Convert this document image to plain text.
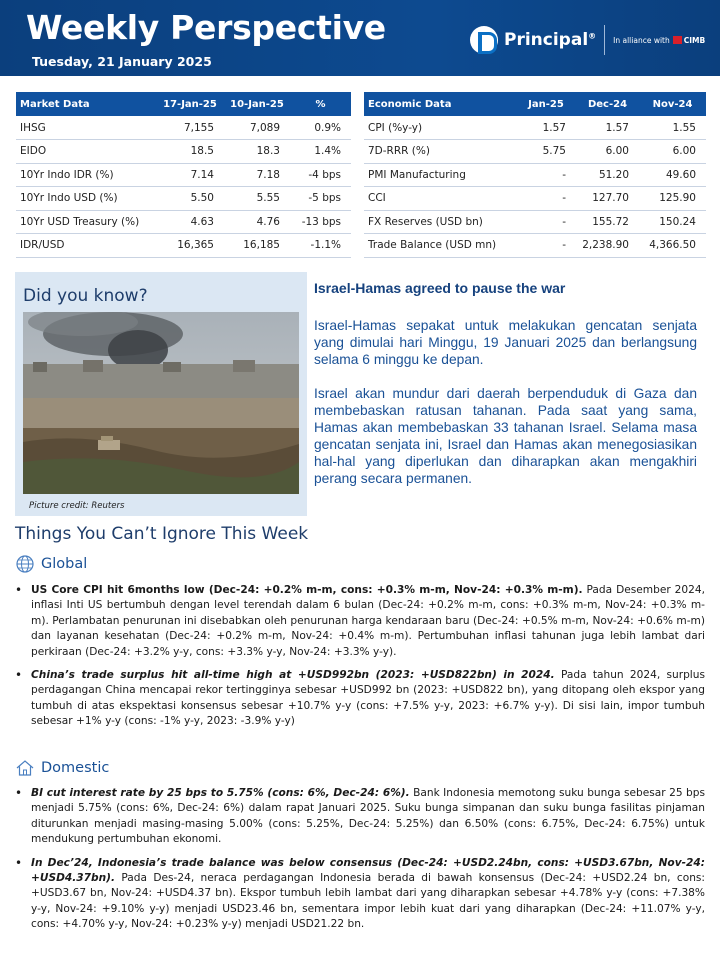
Weekly Perspective
Tuesday, 21 January 2025
Principal® In alliance with CIMB
Market Data	17-Jan-25	10-Jan-25	%
IHSG	7,155	7,089	0.9%
EIDO	18.5	18.3	1.4%
10Yr Indo IDR (%)	7.14	7.18	-4 bps
10Yr Indo USD (%)	5.50	5.55	-5 bps
10Yr USD Treasury (%)	4.63	4.76	-13 bps
IDR/USD	16,365	16,185	-1.1%
Economic Data	Jan-25	Dec-24	Nov-24
CPI (%y-y)	1.57	1.57	1.55
7D-RRR (%)	5.75	6.00	6.00
PMI Manufacturing	-	51.20	49.60
CCI	-	127.70	125.90
FX Reserves (USD bn)	-	155.72	150.24
Trade Balance (USD mn)	-	2,238.90	4,366.50
Did you know?
Picture credit: Reuters
Israel-Hamas agreed to pause the war

Israel-Hamas sepakat untuk melakukan gencatan senjata yang dimulai hari Minggu, 19 Januari 2025 dan berlangsung selama 6 minggu ke depan.

Israel akan mundur dari daerah berpenduduk di Gaza dan membebaskan ratusan tahanan. Pada saat yang sama, Hamas akan membebaskan 33 tahanan Israel. Selama masa gencatan senjata ini, Israel dan Hamas akan menegosiasikan hal-hal yang diperlukan dan diharapkan akan mengakhiri perang secara permanen.

Things You Can’t Ignore This Week
Global
• US Core CPI hit 6months low (Dec-24: +0.2% m-m, cons: +0.3% m-m, Nov-24: +0.3% m-m). Pada Desember 2024, inflasi Inti US bertumbuh dengan level terendah dalam 6 bulan (Dec-24: +0.2% m-m, cons: +0.3% m-m, Nov-24: +0.3% m-m). Perlambatan penurunan ini disebabkan oleh penurunan harga kendaraan baru (Dec-24: +0.5% m-m, Nov-24: +0.6% m-m) dan layanan kesehatan (Dec-24: +0.2% m-m, Nov-24: +0.4% m-m). Pertumbuhan inflasi tahunan juga lebih lambat dari perkiraan (Dec-24: +3.2% y-y, cons: +3.3% y-y, Nov-24: +3.3% y-y).
• China’s trade surplus hit all-time high at +USD992bn (2023: +USD822bn) in 2024. Pada tahun 2024, surplus perdagangan China mencapai rekor tertingginya sebesar +USD992 bn (2023: +USD822 bn), yang ditopang oleh ekspor yang tumbuh di atas ekspektasi konsensus sebesar +10.7% y-y (cons: +7.5% y-y, 2023: +6.7% y-y). Di sisi lain, impor tumbuh sebesar +1% y-y (cons: -1% y-y, 2023: -3.9% y-y)
Domestic
• BI cut interest rate by 25 bps to 5.75% (cons: 6%, Dec-24: 6%). Bank Indonesia memotong suku bunga sebesar 25 bps menjadi 5.75% (cons: 6%, Dec-24: 6%) dalam rapat Januari 2025. Suku bunga simpanan dan suku bunga fasilitas pinjaman diturunkan menjadi masing-masing 5.00% (cons: 5.25%, Dec-24: 5.25%) dan 6.50% (cons: 6.75%, Dec-24: 6.75%) untuk mendukung pertumbuhan ekonomi.
• In Dec’24, Indonesia’s trade balance was below consensus (Dec-24: +USD2.24bn, cons: +USD3.67bn, Nov-24: +USD4.37bn). Pada Des-24, neraca perdagangan Indonesia berada di bawah konsensus (Dec-24: +USD2.24 bn, cons: +USD3.67 bn, Nov-24: +USD4.37 bn). Ekspor tumbuh lebih lambat dari yang diharapkan sebesar +4.78% y-y (cons: +7.38% y-y, Nov-24: +9.10% y-y) menjadi USD23.46 bn, sementara impor lebih kuat dari yang diharapkan (Dec-24: +11.07% y-y, cons: +4.70% y-y, Nov-24: +0.23% y-y) menjadi USD21.22 bn.
